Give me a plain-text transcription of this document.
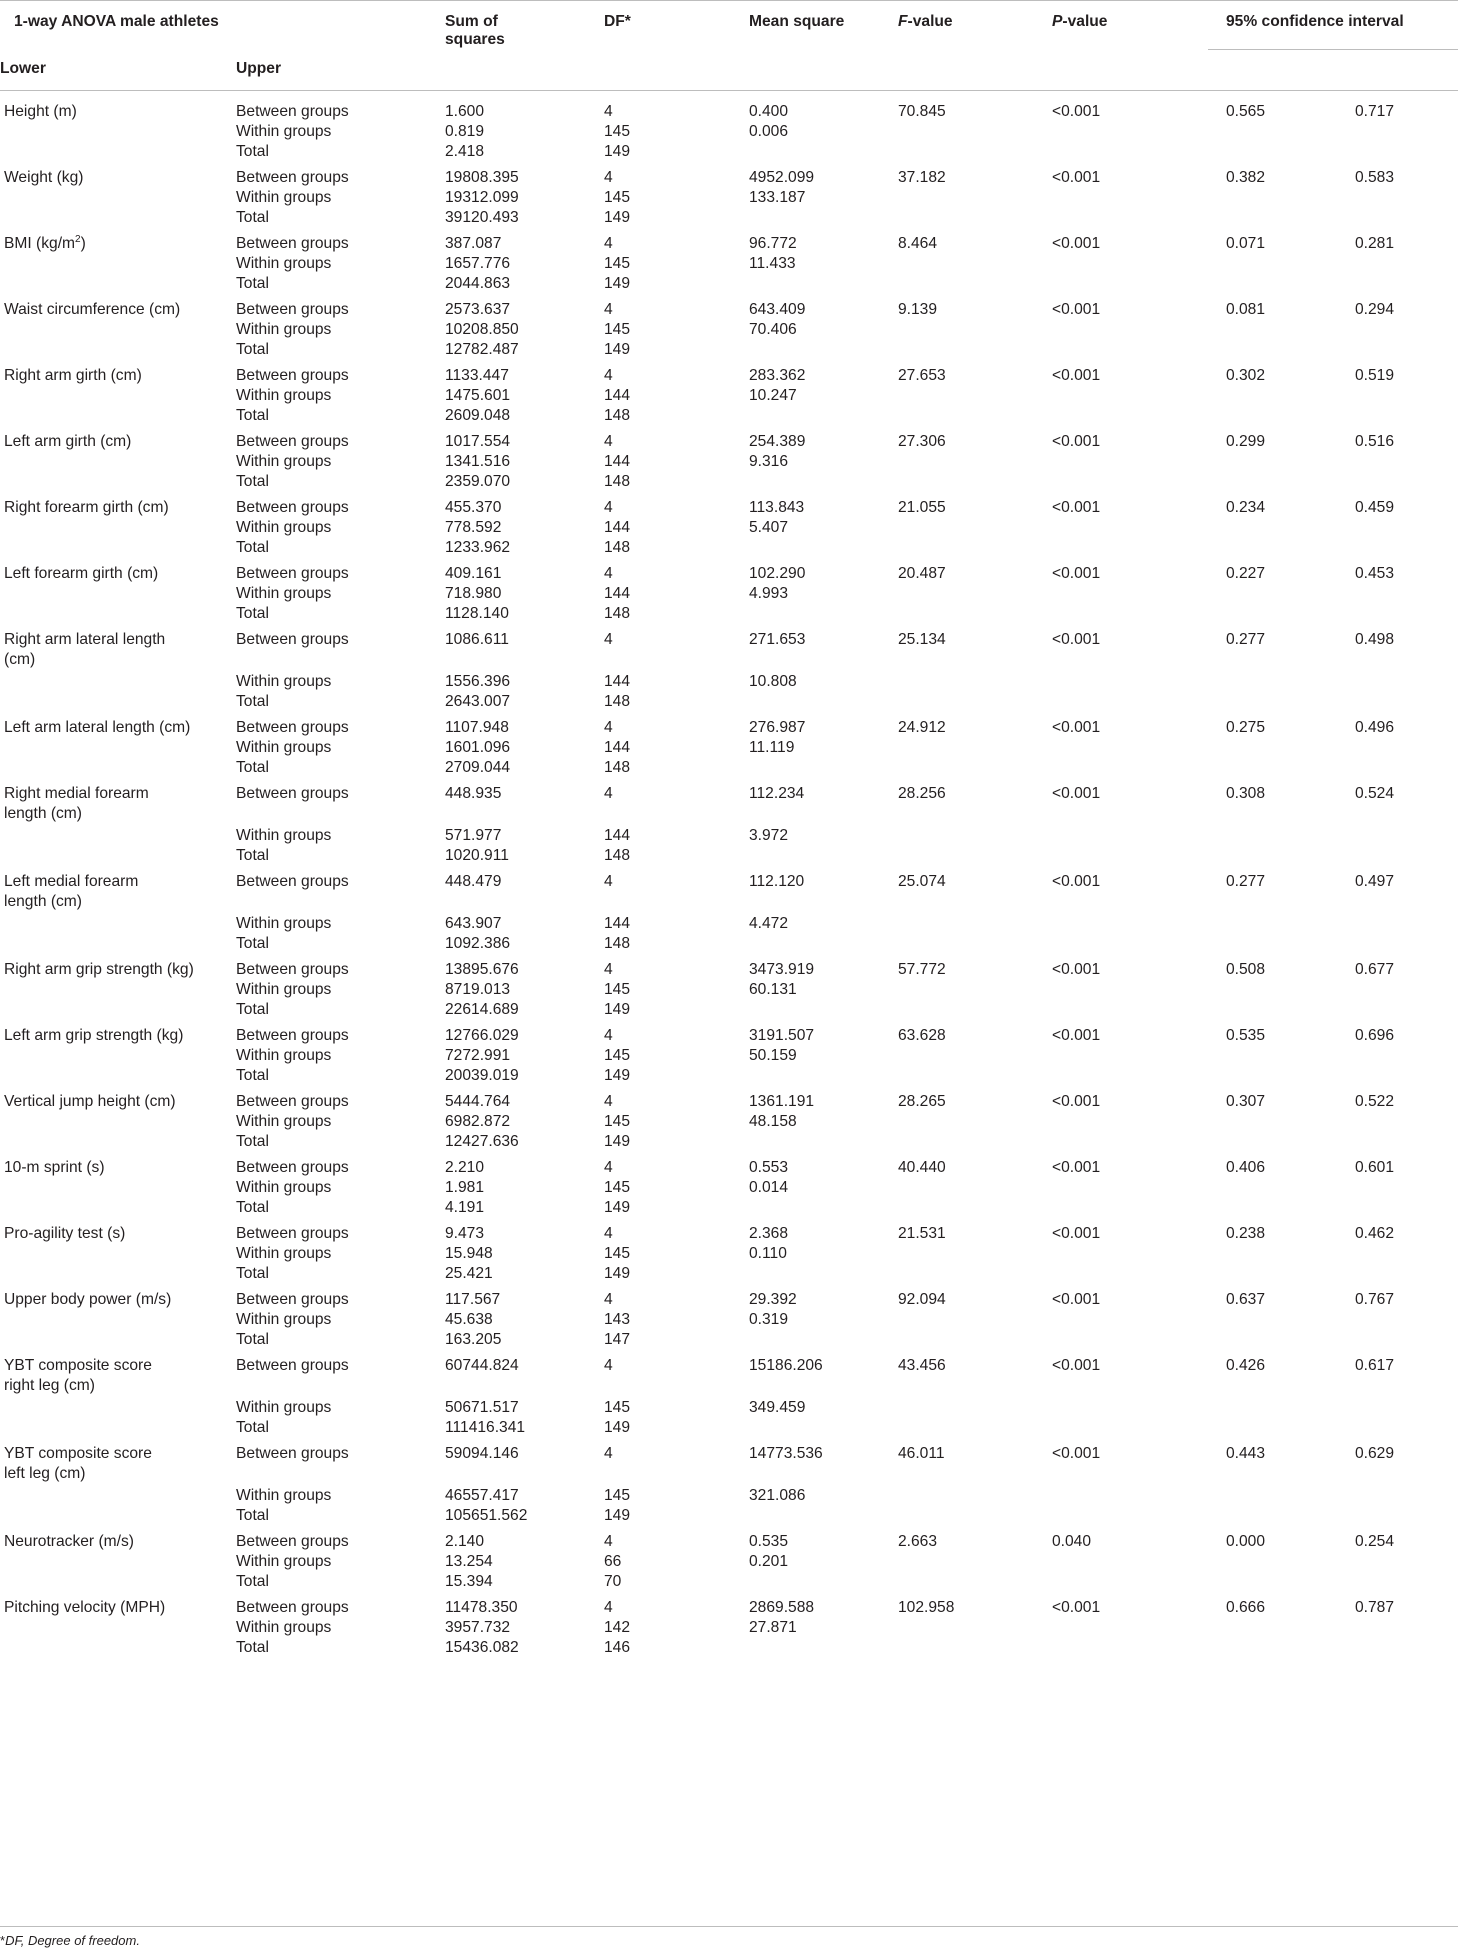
1-way ANOVA male athletes		Sum of squares	DF*	Mean square	F-value	P-value	95% confidence interval	
Lower	Upper							
Height (m)	Between groups	1.600	4	0.400	70.845	<0.001	0.565	0.717
	Within groups	0.819	145	0.006				
	Total	2.418	149					
Weight (kg)	Between groups	19808.395	4	4952.099	37.182	<0.001	0.382	0.583
	Within groups	19312.099	145	133.187				
	Total	39120.493	149					
BMI $(kg/m^2)$	Between groups	387.087	4	96.772	8.464	<0.001	0.071	0.281
	Within groups	1657.776	145	11.433				
	Total	2044.863	149					
Waist circumference (cm)	Between groups	2573.637	4	643.409	9.139	<0.001	0.081	0.294
	Within groups	10208.850	145	70.406				
	Total	12782.487	149					
Right arm girth (cm)	Between groups	1133.447	4	283.362	27.653	<0.001	0.302	0.519
	Within groups	1475.601	144	10.247				
	Total	2609.048	148					
Left arm girth (cm)	Between groups	1017.554	4	254.389	27.306	<0.001	0.299	0.516
	Within groups	1341.516	144	9.316				
	Total	2359.070	148					
Right forearm girth (cm)	Between groups	455.370	4	113.843	21.055	<0.001	0.234	0.459
	Within groups	778.592	144	5.407				
	Total	1233.962	148					
Left forearm girth (cm)	Between groups	409.161	4	102.290	20.487	<0.001	0.227	0.453
	Within groups	718.980	144	4.993				
	Total	1128.140	148					
Right arm lateral length (cm)	Between groups	1086.611	4	271.653	25.134	<0.001	0.277	0.498
	Within groups	1556.396	144	10.808				
	Total	2643.007	148					
Left arm lateral length (cm)	Between groups	1107.948	4	276.987	24.912	<0.001	0.275	0.496
	Within groups	1601.096	144	11.119				
	Total	2709.044	148					
Right medial forearm length (cm)	Between groups	448.935	4	112.234	28.256	<0.001	0.308	0.524
	Within groups	571.977	144	3.972				
	Total	1020.911	148					
Left medial forearm length (cm)	Between groups	448.479	4	112.120	25.074	<0.001	0.277	0.497
	Within groups	643.907	144	4.472				
	Total	1092.386	148					
Right arm grip strength (kg)	Between groups	13895.676	4	3473.919	57.772	<0.001	0.508	0.677
	Within groups	8719.013	145	60.131				
	Total	22614.689	149					
Left arm grip strength (kg)	Between groups	12766.029	4	3191.507	63.628	<0.001	0.535	0.696
	Within groups	7272.991	145	50.159				
	Total	20039.019	149					
Vertical jump height (cm)	Between groups	5444.764	4	1361.191	28.265	<0.001	0.307	0.522
	Within groups	6982.872	145	48.158				
	Total	12427.636	149					
10-m sprint (s)	Between groups	2.210	4	0.553	40.440	<0.001	0.406	0.601
	Within groups	1.981	145	0.014				
	Total	4.191	149					
Pro-agility test (s)	Between groups	9.473	4	2.368	21.531	<0.001	0.238	0.462
	Within groups	15.948	145	0.110				
	Total	25.421	149					
Upper body power (m/s)	Between groups	117.567	4	29.392	92.094	<0.001	0.637	0.767
	Within groups	45.638	143	0.319				
	Total	163.205	147					
YBT composite score right leg (cm)	Between groups	60744.824	4	15186.206	43.456	<0.001	0.426	0.617
	Within groups	50671.517	145	349.459				
	Total	111416.341	149					
YBT composite score left leg (cm)	Between groups	59094.146	4	14773.536	46.011	<0.001	0.443	0.629
	Within groups	46557.417	145	321.086				
	Total	105651.562	149					
Neurotracker (m/s)	Between groups	2.140	4	0.535	2.663	0.040	0.000	0.254
	Within groups	13.254	66	0.201				
	Total	15.394	70					
Pitching velocity (MPH)	Between groups	11478.350	4	2869.588	102.958	<0.001	0.666	0.787
	Within groups	3957.732	142	27.871				
	Total	15436.082	146					
*DF, Degree of freedom.
